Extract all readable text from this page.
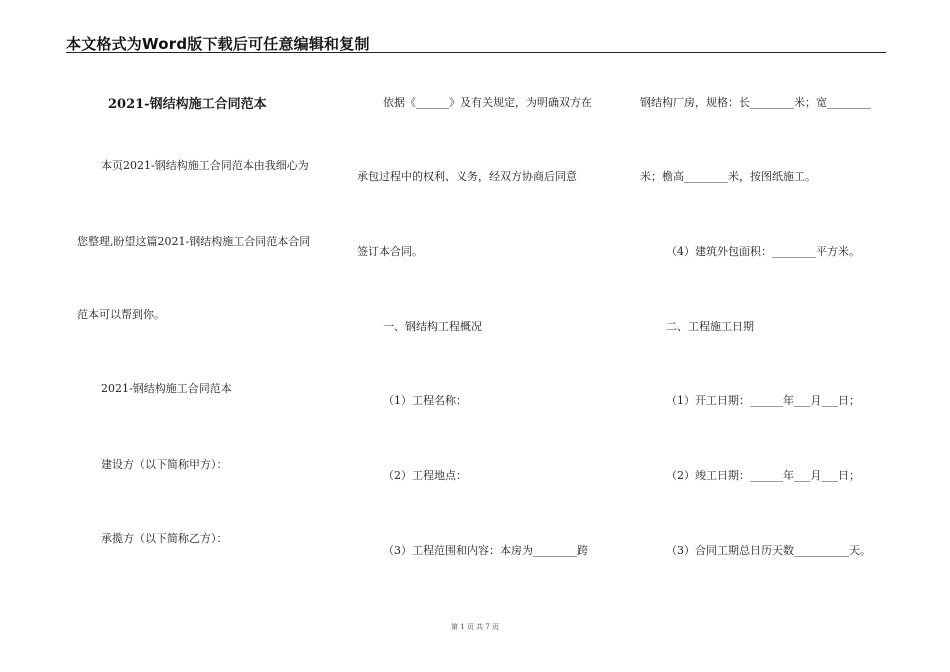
本文格式为Word版下载后可任意编辑和复制
2021-钢结构施工合同范本
本页2021-钢结构施工合同范本由我细心为
您整理,盼望这篇2021-钢结构施工合同范本合同
范本可以帮到你。
2021-钢结构施工合同范本
建设方（以下简称甲方）：
承揽方（以下简称乙方）：
依据《______》及有关规定，为明确双方在
承包过程中的权利、义务，经双方协商后同意
签订本合同。
一、钢结构工程概况
（1）工程名称：
（2）工程地点：
（3）工程范围和内容：本房为________跨
钢结构厂房，规格：长________米；宽________
米；檐高________米，按图纸施工。
（4）建筑外包面积：________平方米。
二、工程施工日期
（1）开工日期：______年___月___日；
（2）竣工日期：______年___月___日；
（3）合同工期总日历天数__________天。
第 1 页 共 7 页
